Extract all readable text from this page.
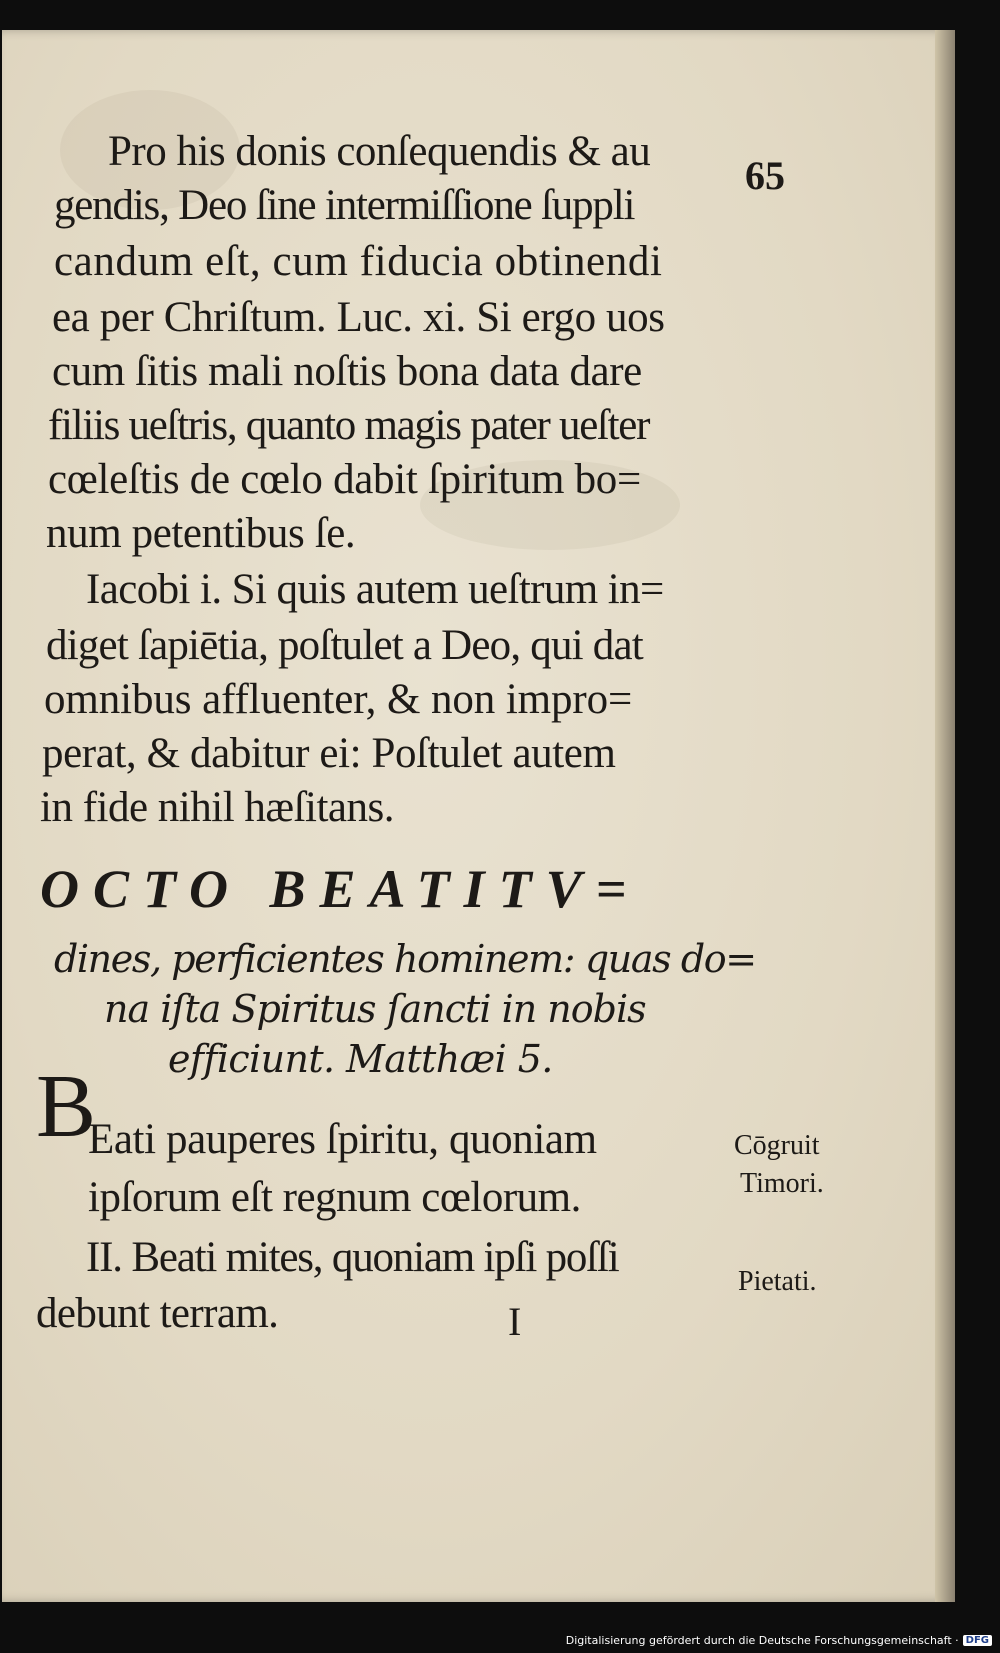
65
Pro his donis conſequendis & au
gendis, Deo ſine intermiſſione ſuppli
candum eſt, cum fiducia obtinendi
ea per Chriſtum. Luc. xi. Si ergo uos
cum ſitis mali noſtis bona data dare
filiis ueſtris, quanto magis pater ueſter
cœleſtis de cœlo dabit ſpiritum bo=
num petentibus ſe.
Iacobi i. Si quis autem ueſtrum in=
diget ſapiētia, poſtulet a Deo, qui dat
omnibus affluenter, & non impro=
perat, & dabitur ei: Poſtulet autem
in fide nihil hæſitans.
OCTO BEATITV=
dines, perficientes hominem: quas do=
na iſta Spiritus ſancti in nobis
efficiunt. Matthæi 5.
B
Eati pauperes ſpiritu, quoniam
ipſorum eſt regnum cœlorum.
II. Beati mites, quoniam ipſi poſſi
debunt terram.
Cōgruit
Timori.
Pietati.
I
Digitalisierung gefördert durch die Deutsche Forschungsgemeinschaft · DFG
